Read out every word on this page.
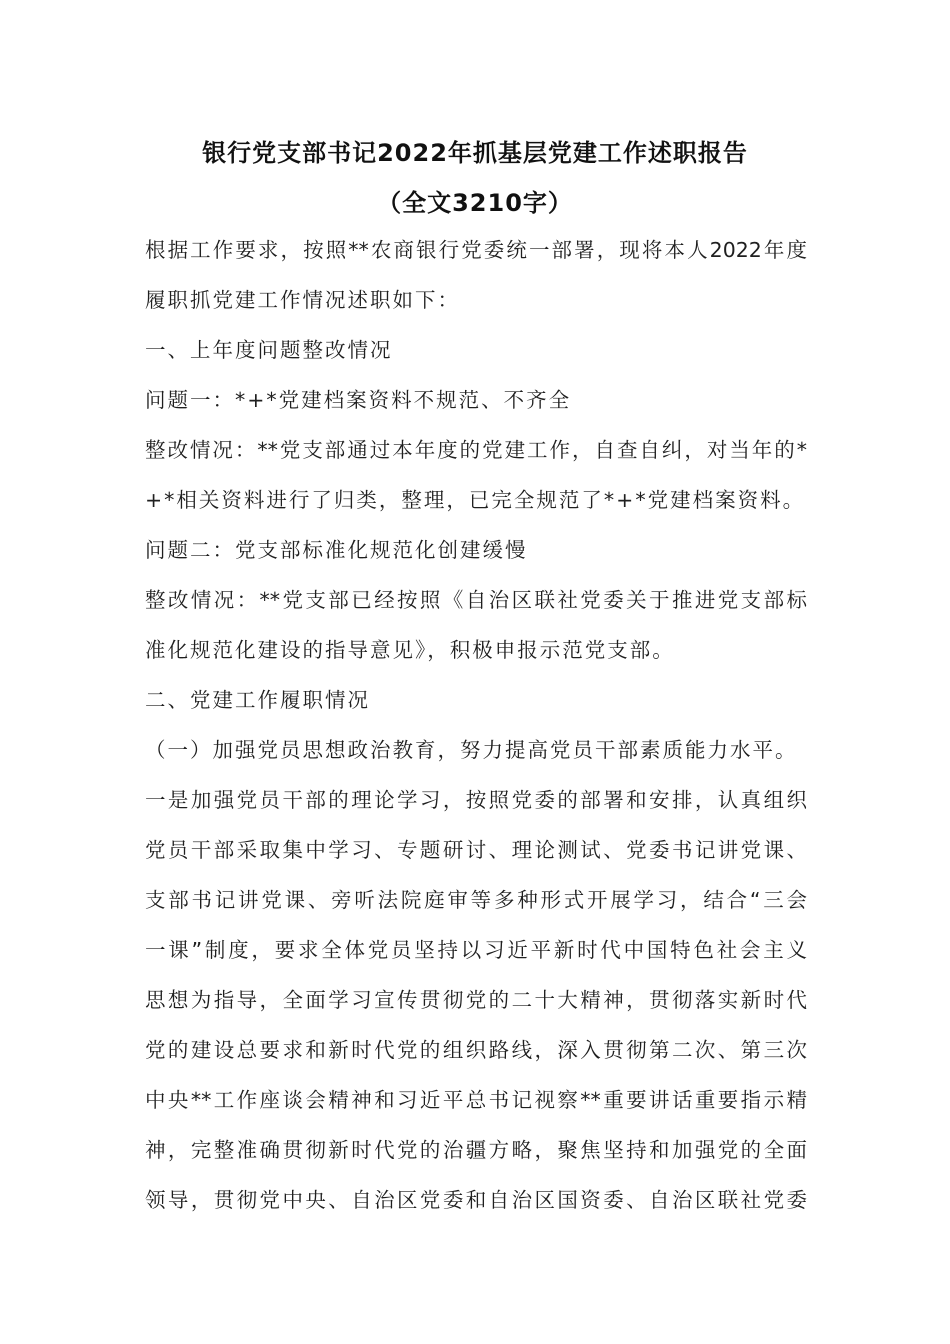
银行党支部书记2022年抓基层党建工作述职报告
（全文3210字）
根据工作要求，按照**农商银行党委统一部署，现将本人2022年度
履职抓党建工作情况述职如下：
一、上年度问题整改情况
问题一：*+*党建档案资料不规范、不齐全
整改情况：**党支部通过本年度的党建工作，自查自纠，对当年的*
+*相关资料进行了归类，整理，已完全规范了*+*党建档案资料。
问题二：党支部标准化规范化创建缓慢
整改情况：**党支部已经按照《自治区联社党委关于推进党支部标
准化规范化建设的指导意见》，积极申报示范党支部。
二、党建工作履职情况
（一）加强党员思想政治教育，努力提高党员干部素质能力水平。
一是加强党员干部的理论学习，按照党委的部署和安排，认真组织
党员干部采取集中学习、专题研讨、理论测试、党委书记讲党课、
支部书记讲党课、旁听法院庭审等多种形式开展学习，结合“三会
一课”制度，要求全体党员坚持以习近平新时代中国特色社会主义
思想为指导，全面学习宣传贯彻党的二十大精神，贯彻落实新时代
党的建设总要求和新时代党的组织路线，深入贯彻第二次、第三次
中央**工作座谈会精神和习近平总书记视察**重要讲话重要指示精
神，完整准确贯彻新时代党的治疆方略，聚焦坚持和加强党的全面
领导，贯彻党中央、自治区党委和自治区国资委、自治区联社党委
